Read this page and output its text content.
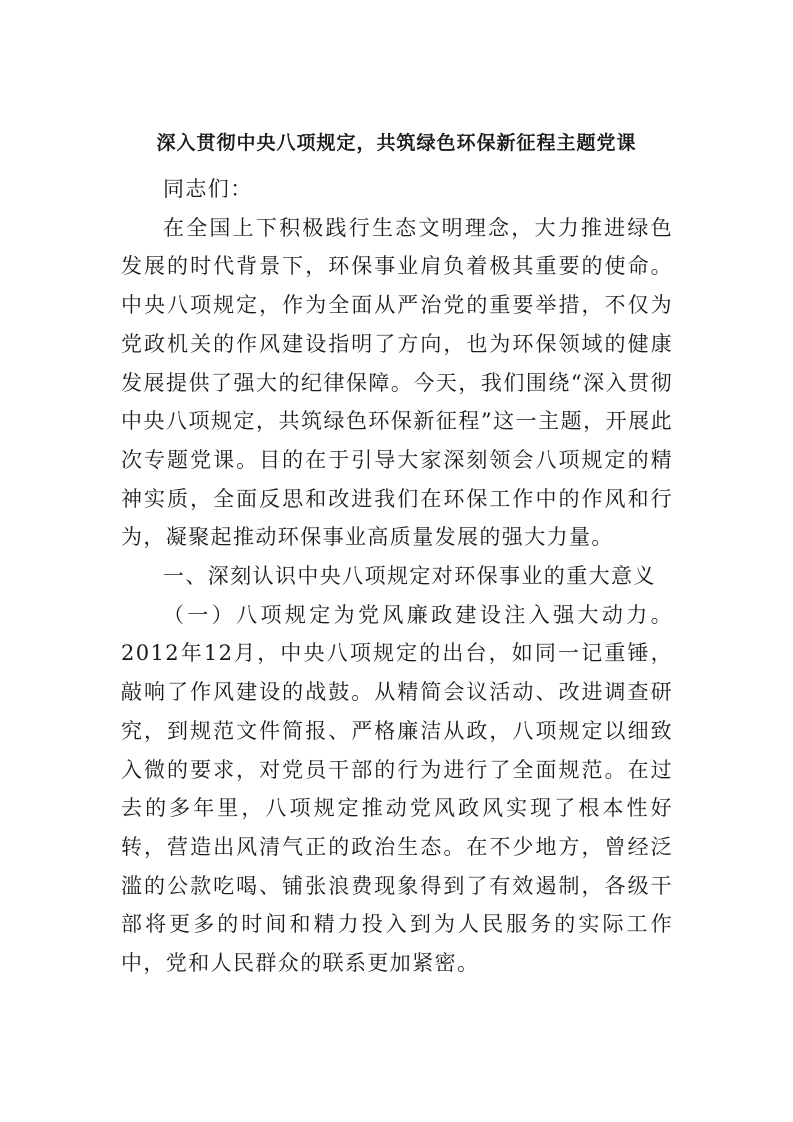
深入贯彻中央八项规定，共筑绿色环保新征程主题党课

同志们：

在全国上下积极践行生态文明理念，大力推进绿色发展的时代背景下，环保事业肩负着极其重要的使命。中央八项规定，作为全面从严治党的重要举措，不仅为党政机关的作风建设指明了方向，也为环保领域的健康发展提供了强大的纪律保障。今天，我们围绕“深入贯彻中央八项规定，共筑绿色环保新征程”这一主题，开展此次专题党课。目的在于引导大家深刻领会八项规定的精神实质，全面反思和改进我们在环保工作中的作风和行为，凝聚起推动环保事业高质量发展的强大力量。

一、深刻认识中央八项规定对环保事业的重大意义

（一）八项规定为党风廉政建设注入强大动力。2012年12月，中央八项规定的出台，如同一记重锤，敲响了作风建设的战鼓。从精简会议活动、改进调查研究，到规范文件简报、严格廉洁从政，八项规定以细致入微的要求，对党员干部的行为进行了全面规范。在过去的多年里，八项规定推动党风政风实现了根本性好转，营造出风清气正的政治生态。在不少地方，曾经泛滥的公款吃喝、铺张浪费现象得到了有效遏制，各级干部将更多的时间和精力投入到为人民服务的实际工作中，党和人民群众的联系更加紧密。
